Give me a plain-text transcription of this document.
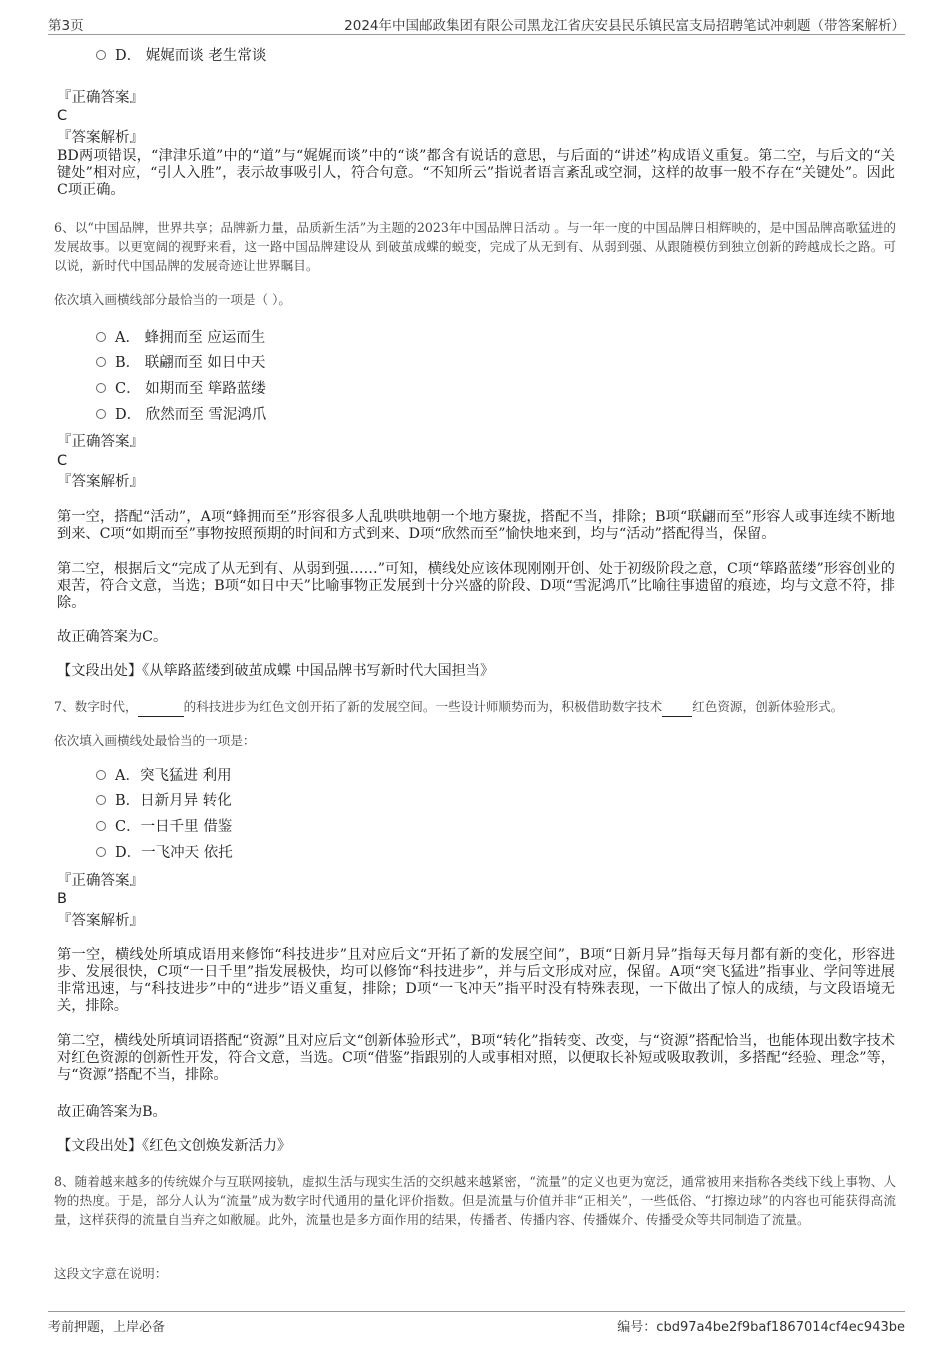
第3页	2024年中国邮政集团有限公司黑龙江省庆安县民乐镇民富支局招聘笔试冲刺题（带答案解析）
D． 娓娓而谈 老生常谈
『正确答案』
C
『答案解析』

BD两项错误，“津津乐道”中的“道”与“娓娓而谈”中的“谈”都含有说话的意思，与后面的“讲述”构成语义重复。第二空，与后文的“关键处”相对应，“引人入胜”，表示故事吸引人，符合句意。“不知所云”指说者语言紊乱或空洞，这样的故事一般不存在“关键处”。因此C项正确。

6、以“中国品牌，世界共享；品牌新力量，品质新生活”为主题的2023年中国品牌日活动 。与一年一度的中国品牌日相辉映的，是中国品牌高歌猛进的发展故事。以更宽阔的视野来看，这一路中国品牌建设从 到破茧成蝶的蜕变，完成了从无到有、从弱到强、从跟随模仿到独立创新的跨越成长之路。可以说，新时代中国品牌的发展奇迹让世界瞩目。

依次填入画横线部分最恰当的一项是（ ）。

A． 蜂拥而至 应运而生
B． 联翩而至 如日中天
C． 如期而至 筚路蓝缕
D． 欣然而至 雪泥鸿爪
『正确答案』
C
『答案解析』

第一空，搭配“活动”，A项“蜂拥而至”形容很多人乱哄哄地朝一个地方聚拢，搭配不当，排除；B项“联翩而至”形容人或事连续不断地到来、C项“如期而至”事物按照预期的时间和方式到来、D项“欣然而至”愉快地来到，均与“活动”搭配得当，保留。

第二空，根据后文“完成了从无到有、从弱到强……”可知，横线处应该体现刚刚开创、处于初级阶段之意，C项“筚路蓝缕”形容创业的艰苦，符合文意，当选；B项“如日中天”比喻事物正发展到十分兴盛的阶段、D项“雪泥鸿爪”比喻往事遗留的痕迹，均与文意不符，排除。

故正确答案为C。

【文段出处】《从筚路蓝缕到破茧成蝶 中国品牌书写新时代大国担当》

7、数字时代，	的科技进步为红色文创开拓了新的发展空间。一些设计师顺势而为，积极借助数字技术 红色资源，创新体验形式。

依次填入画横线处最恰当的一项是：

A．突飞猛进 利用
B．日新月异 转化
C．一日千里 借鉴
D．一飞冲天 依托
『正确答案』
B
『答案解析』

第一空，横线处所填成语用来修饰“科技进步”且对应后文“开拓了新的发展空间”，B项“日新月异”指每天每月都有新的变化，形容进步、发展很快，C项“一日千里”指发展极快，均可以修饰“科技进步”，并与后文形成对应，保留。A项“突飞猛进”指事业、学问等进展非常迅速，与“科技进步”中的“进步”语义重复，排除；D项“一飞冲天”指平时没有特殊表现，一下做出了惊人的成绩，与文段语境无关，排除。

第二空，横线处所填词语搭配“资源”且对应后文“创新体验形式”，B项“转化”指转变、改变，与“资源”搭配恰当，也能体现出数字技术对红色资源的创新性开发，符合文意，当选。C项“借鉴”指跟别的人或事相对照，以便取长补短或吸取教训，多搭配“经验、理念”等，与“资源”搭配不当，排除。

故正确答案为B。

【文段出处】《红色文创焕发新活力》

8、随着越来越多的传统媒介与互联网接轨，虚拟生活与现实生活的交织越来越紧密，“流量”的定义也更为宽泛，通常被用来指称各类线下线上事物、人物的热度。于是，部分人认为“流量”成为数字时代通用的量化评价指数。但是流量与价值并非“正相关”，一些低俗、“打擦边球”的内容也可能获得高流量，这样获得的流量自当弃之如敝屣。此外，流量也是多方面作用的结果，传播者、传播内容、传播媒介、传播受众等共同制造了流量。

这段文字意在说明：

考前押题，上岸必备	编号：cbd97a4be2f9baf1867014cf4ec943be
